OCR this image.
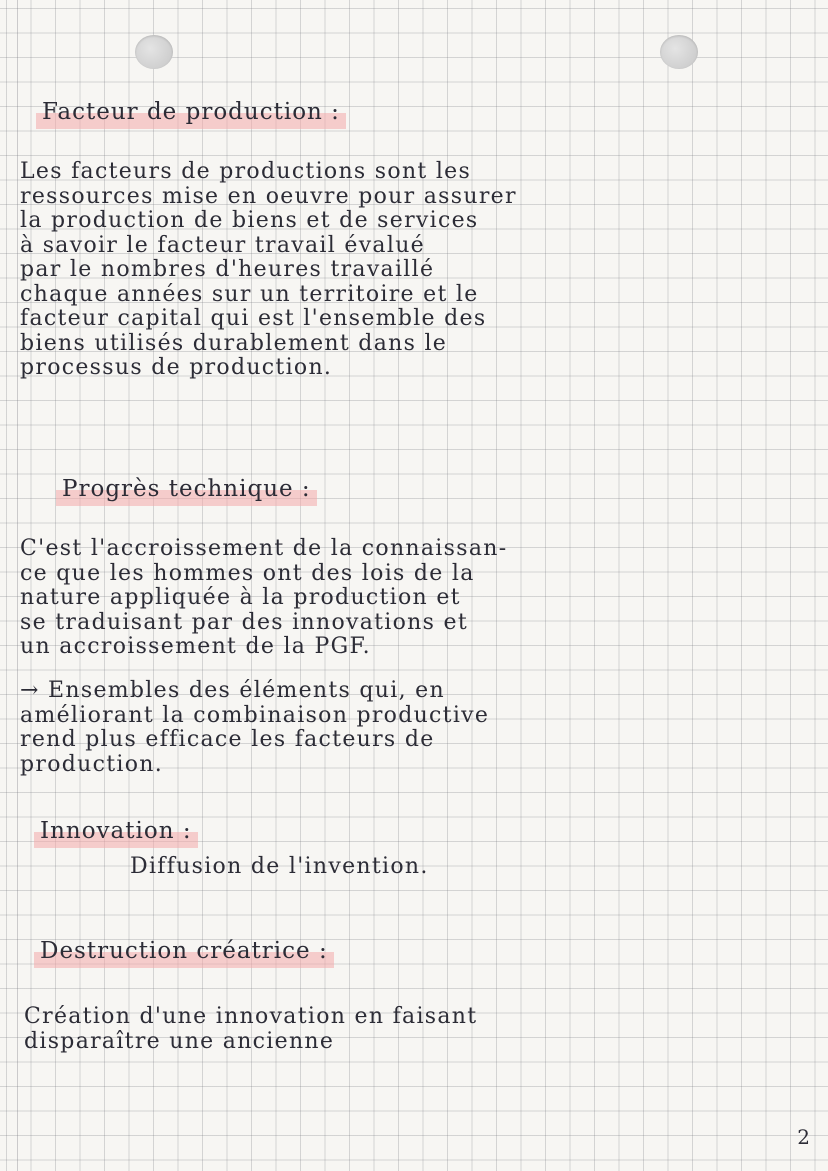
Facteur de production :
Les facteurs de productions sont les
ressources mise en oeuvre pour assurer
la production de biens et de services
à savoir le facteur travail évalué
par le nombres d'heures travaillé
chaque années sur un territoire et le
facteur capital qui est l'ensemble des
biens utilisés durablement dans le
processus de production.
Progrès technique :
C'est l'accroissement de la connaissan-
ce que les hommes ont des lois de la
nature appliquée à la production et
se traduisant par des innovations et
un accroissement de la PGF.
→ Ensembles des éléments qui, en
améliorant la combinaison productive
rend plus efficace les facteurs de
production.
Innovation :
Diffusion de l'invention.
Destruction créatrice :
Création d'une innovation en faisant
disparaître une ancienne
2
